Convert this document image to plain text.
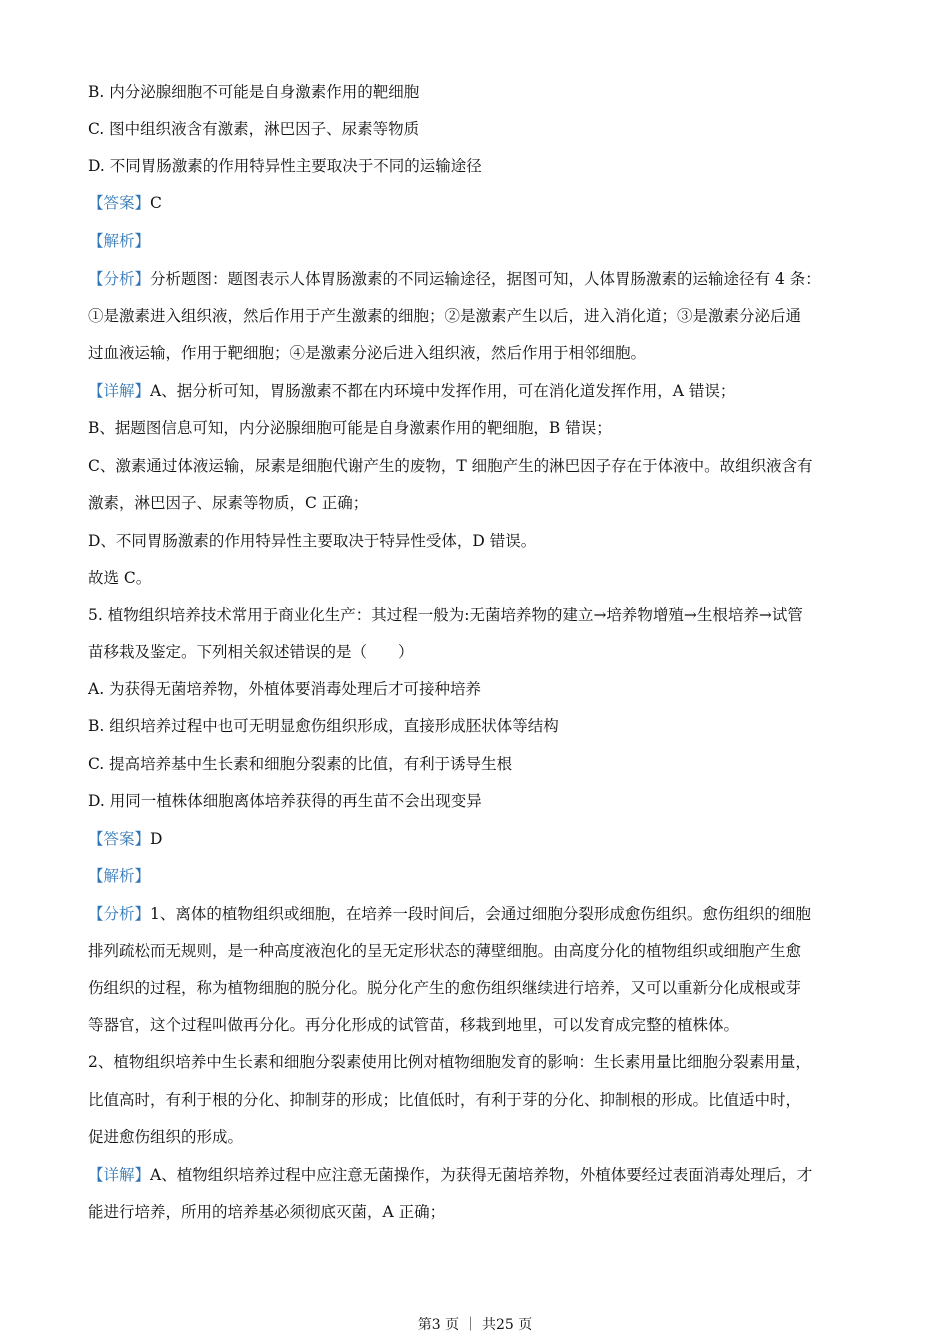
B. 内分泌腺细胞不可能是自身激素作用的靶细胞
C. 图中组织液含有激素，淋巴因子、尿素等物质
D. 不同胃肠激素的作用特异性主要取决于不同的运输途径
【答案】C
【解析】
【分析】分析题图：题图表示人体胃肠激素的不同运输途径，据图可知，人体胃肠激素的运输途径有 4 条：
①是激素进入组织液，然后作用于产生激素的细胞；②是激素产生以后，进入消化道；③是激素分泌后通
过血液运输，作用于靶细胞；④是激素分泌后进入组织液，然后作用于相邻细胞。
【详解】A、据分析可知，胃肠激素不都在内环境中发挥作用，可在消化道发挥作用，A 错误；
B、据题图信息可知，内分泌腺细胞可能是自身激素作用的靶细胞，B 错误；
C、激素通过体液运输，尿素是细胞代谢产生的废物，T 细胞产生的淋巴因子存在于体液中。故组织液含有
激素，淋巴因子、尿素等物质，C 正确；
D、不同胃肠激素的作用特异性主要取决于特异性受体，D 错误。
故选 C。
5. 植物组织培养技术常用于商业化生产：其过程一般为:无菌培养物的建立→培养物增殖→生根培养→试管
苗移栽及鉴定。下列相关叙述错误的是（　　）
A. 为获得无菌培养物，外植体要消毒处理后才可接种培养
B. 组织培养过程中也可无明显愈伤组织形成，直接形成胚状体等结构
C. 提高培养基中生长素和细胞分裂素的比值，有利于诱导生根
D. 用同一植株体细胞离体培养获得的再生苗不会出现变异
【答案】D
【解析】
【分析】1、离体的植物组织或细胞，在培养一段时间后，会通过细胞分裂形成愈伤组织。愈伤组织的细胞
排列疏松而无规则，是一种高度液泡化的呈无定形状态的薄壁细胞。由高度分化的植物组织或细胞产生愈
伤组织的过程，称为植物细胞的脱分化。脱分化产生的愈伤组织继续进行培养，又可以重新分化成根或芽
等器官，这个过程叫做再分化。再分化形成的试管苗，移栽到地里，可以发育成完整的植株体。
2、植物组织培养中生长素和细胞分裂素使用比例对植物细胞发育的影响：生长素用量比细胞分裂素用量，
比值高时，有利于根的分化、抑制芽的形成；比值低时，有利于芽的分化、抑制根的形成。比值适中时，
促进愈伤组织的形成。
【详解】A、植物组织培养过程中应注意无菌操作，为获得无菌培养物，外植体要经过表面消毒处理后，才
能进行培养，所用的培养基必须彻底灭菌，A 正确；
第3 页 ｜ 共25 页
